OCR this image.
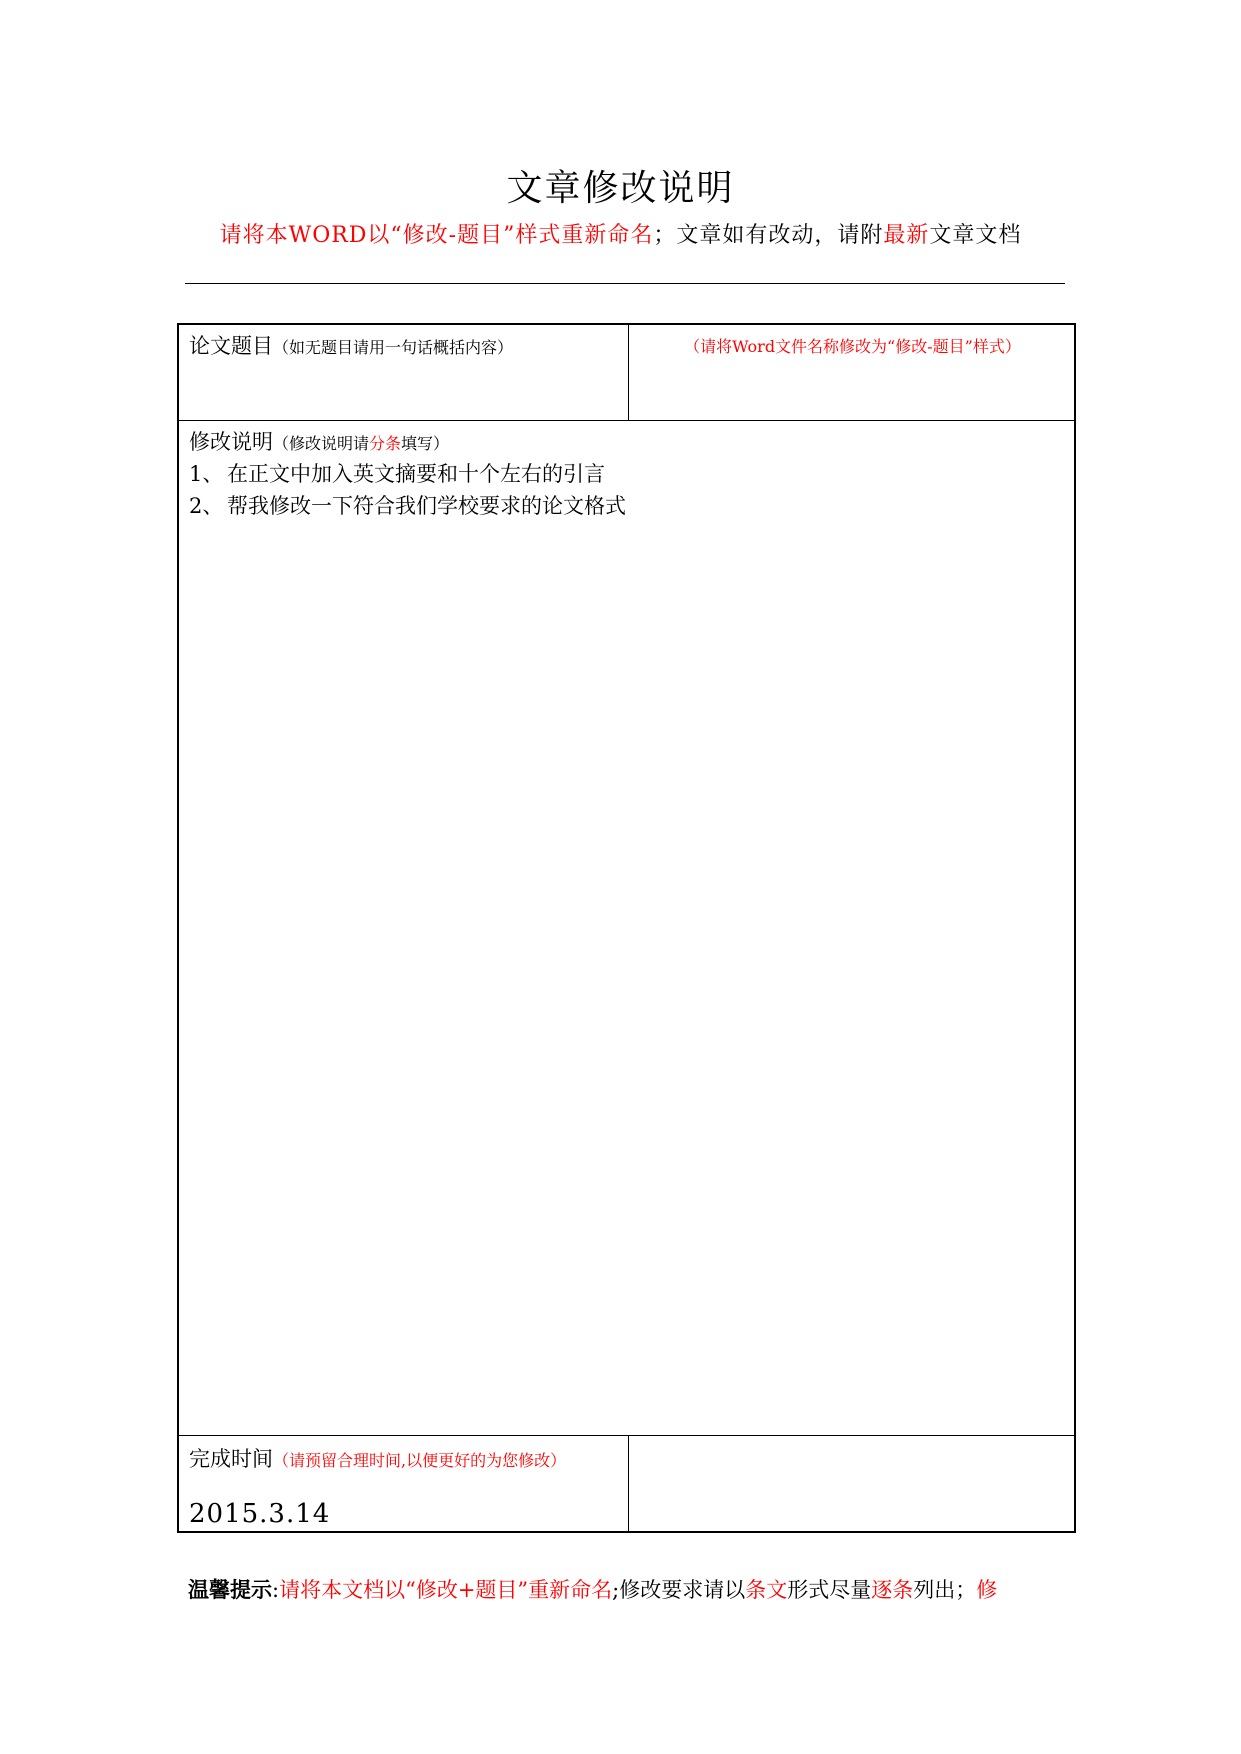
文章修改说明
请将本WORD以“修改-题目”样式重新命名；文章如有改动，请附最新文章文档
论文题目（如无题目请用一句话概括内容）	（请将Word文件名称修改为“修改-题目”样式）
修改说明（修改说明请分条填写）
1、 在正文中加入英文摘要和十个左右的引言
2、 帮我修改一下符合我们学校要求的论文格式
完成时间（请预留合理时间,以便更好的为您修改）
2015.3.14
温馨提示:请将本文档以“修改+题目”重新命名;修改要求请以条文形式尽量逐条列出；修
